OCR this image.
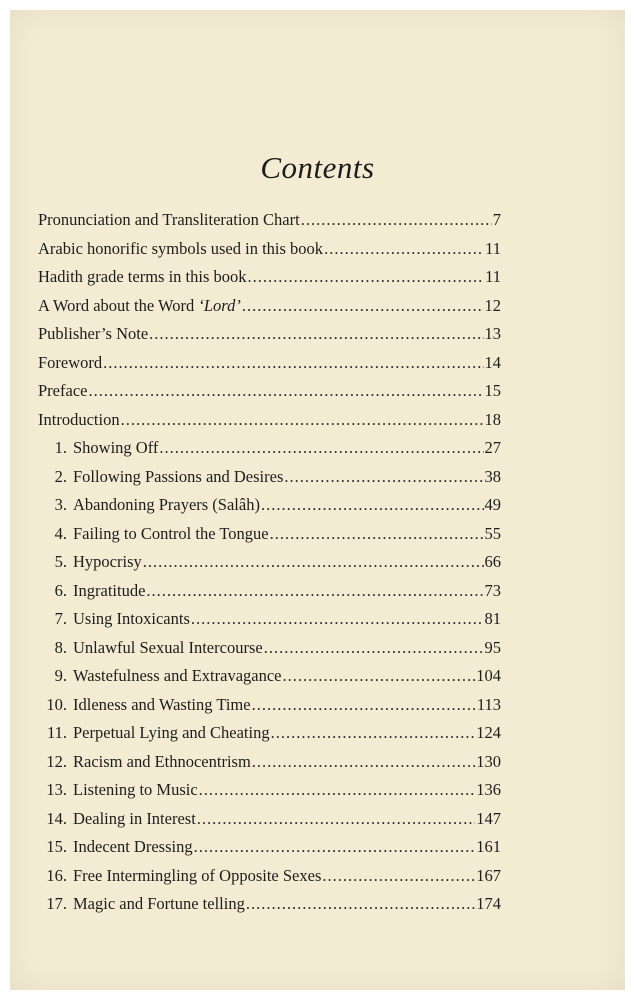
Contents
Pronunciation and Transliteration Chart .....	7
Arabic honorific symbols used in this book .....	11
Hadith grade terms in this book .....	11
A Word about the Word ‘Lord’ .....	12
Publisher’s Note .....	13
Foreword .....	14
Preface .....	15
Introduction .....	18
1. Showing Off .....	27
2. Following Passions and Desires .....	38
3. Abandoning Prayers (Salâh) .....	49
4. Failing to Control the Tongue .....	55
5. Hypocrisy .....	66
6. Ingratitude .....	73
7. Using Intoxicants .....	81
8. Unlawful Sexual Intercourse .....	95
9. Wastefulness and Extravagance .....	104
10. Idleness and Wasting Time .....	113
11. Perpetual Lying and Cheating .....	124
12. Racism and Ethnocentrism .....	130
13. Listening to Music .....	136
14. Dealing in Interest .....	147
15. Indecent Dressing .....	161
16. Free Intermingling of Opposite Sexes .....	167
17. Magic and Fortune telling .....	174
